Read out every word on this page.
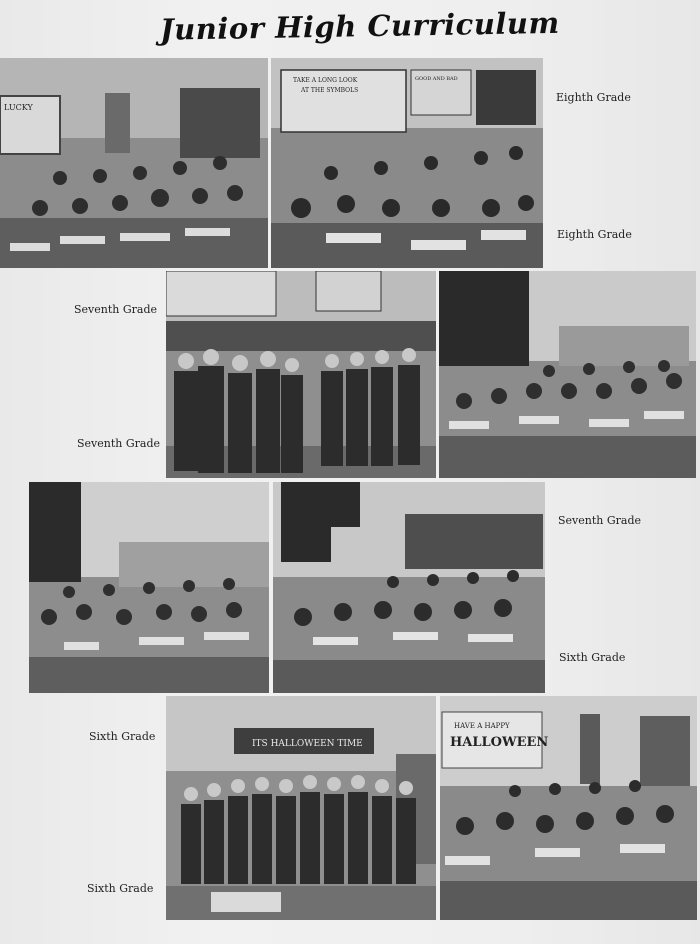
Junior High Curriculum
LUCKY
TAKE A LONG LOOK
AT THE SYMBOLS
GOOD AND BAD
Eighth Grade
Eighth Grade
Seventh Grade
Seventh Grade
Seventh Grade
Sixth Grade
Sixth Grade
Sixth Grade
ITS HALLOWEEN TIME
HAVE A HAPPY
HALLOWEEN
